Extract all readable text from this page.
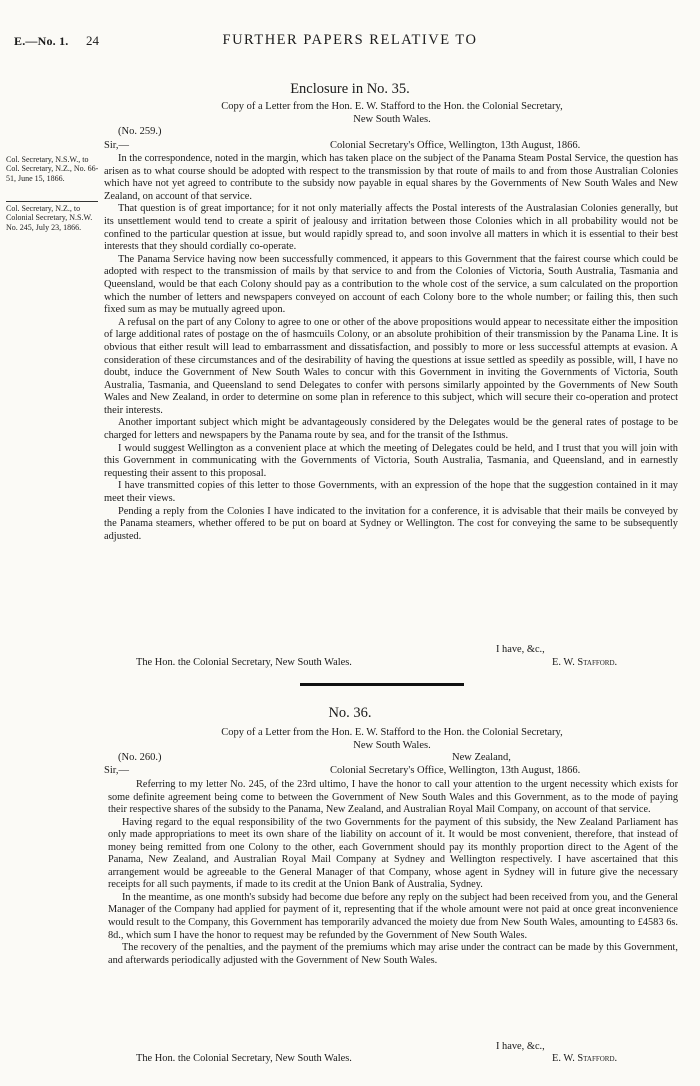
FURTHER PAPERS RELATIVE TO
E.—No. 1. 24
Enclosure in No. 35.
Copy of a Letter from the Hon. E. W. Stafford to the Hon. the Colonial Secretary,
New South Wales.
(No. 259.)
Sir,—	Colonial Secretary's Office, Wellington, 13th August, 1866.
Col. Secretary, N.S.W., to Col. Secretary, N.Z., No. 66-51, June 15, 1866.
Col. Secretary, N.Z., to Colonial Secretary, N.S.W. No. 245, July 23, 1866.

In the correspondence, noted in the margin, which has taken place on the subject of the Panama Steam Postal Service, the question has arisen as to what course should be adopted with respect to the transmission by that route of mails to and from those Australian Colonies which have not yet agreed to contribute to the subsidy now payable in equal shares by the Governments of New South Wales and New Zealand, on account of that service.

That question is of great importance; for it not only materially affects the Postal interests of the Australasian Colonies generally, but its unsettlement would tend to create a spirit of jealousy and irritation between those Colonies which in all probability would not be confined to the particular question at issue, but would rapidly spread to, and soon involve all matters in which it is essential to their best interests that they should cordially co-operate.

The Panama Service having now been successfully commenced, it appears to this Government that the fairest course which could be adopted with respect to the transmission of mails by that service to and from the Colonies of Victoria, South Australia, Tasmania and Queensland, would be that each Colony should pay as a contribution to the whole cost of the service, a sum calculated on the proportion which the number of letters and newspapers conveyed on account of each Colony bore to the whole number; or failing this, then such fixed sum as may be mutually agreed upon.

A refusal on the part of any Colony to agree to one or other of the above propositions would appear to necessitate either the imposition of large additional rates of postage on the of hasmcuils Colony, or an absolute prohibition of their transmission by the Panama Line. It is obvious that either result will lead to embarrassment and dissatisfaction, and possibly to more or less successful attempts at evasion. A consideration of these circumstances and of the desirability of having the questions at issue settled as speedily as possible, will, I have no doubt, induce the Government of New South Wales to concur with this Government in inviting the Governments of Victoria, South Australia, Tasmania, and Queensland to send Delegates to confer with persons similarly appointed by the Governments of New South Wales and New Zealand, in order to determine on some plan in reference to this subject, which will secure their co-operation and protect their interests.

Another important subject which might be advantageously considered by the Delegates would be the general rates of postage to be charged for letters and newspapers by the Panama route by sea, and for the transit of the Isthmus.

I would suggest Wellington as a convenient place at which the meeting of Delegates could be held, and I trust that you will join with this Government in communicating with the Governments of Victoria, South Australia, Tasmania, and Queensland, and in earnestly requesting their assent to this proposal.

I have transmitted copies of this letter to those Governments, with an expression of the hope that the suggestion contained in it may meet their views.

Pending a reply from the Colonies I have indicated to the invitation for a conference, it is advisable that their mails be conveyed by the Panama steamers, whether offered to be put on board at Sydney or Wellington. The cost for conveying the same to be subsequently adjusted.

I have, &c.,
The Hon. the Colonial Secretary, New South Wales.	E. W. Stafford.
No. 36.
Copy of a Letter from the Hon. E. W. Stafford to the Hon. the Colonial Secretary,
New South Wales.
(No. 260.)	New Zealand,
Sir,—	Colonial Secretary's Office, Wellington, 13th August, 1866.

Referring to my letter No. 245, of the 23rd ultimo, I have the honor to call your attention to the urgent necessity which exists for some definite agreement being come to between the Government of New South Wales and this Government, as to the mode of paying their respective shares of the subsidy to the Panama, New Zealand, and Australian Royal Mail Company, on account of that service.

Having regard to the equal responsibility of the two Governments for the payment of this subsidy, the New Zealand Parliament has only made appropriations to meet its own share of the liability on account of it. It would be most convenient, therefore, that instead of money being remitted from one Colony to the other, each Government should pay its monthly proportion direct to the Agent of the Panama, New Zealand, and Australian Royal Mail Company at Sydney and Wellington respectively. I have ascertained that this arrangement would be agreeable to the General Manager of that Company, whose agent in Sydney will in future give the necessary receipts for all such payments, if made to its credit at the Union Bank of Australia, Sydney.

In the meantime, as one month's subsidy had become due before any reply on the subject had been received from you, and the General Manager of the Company had applied for payment of it, representing that if the whole amount were not paid at once great inconvenience would result to the Company, this Government has temporarily advanced the moiety due from New South Wales, amounting to £4583 6s. 8d., which sum I have the honor to request may be refunded by the Government of New South Wales.

The recovery of the penalties, and the payment of the premiums which may arise under the contract can be made by this Government, and afterwards periodically adjusted with the Government of New South Wales.

I have, &c.,
The Hon. the Colonial Secretary, New South Wales.	E. W. Stafford.
